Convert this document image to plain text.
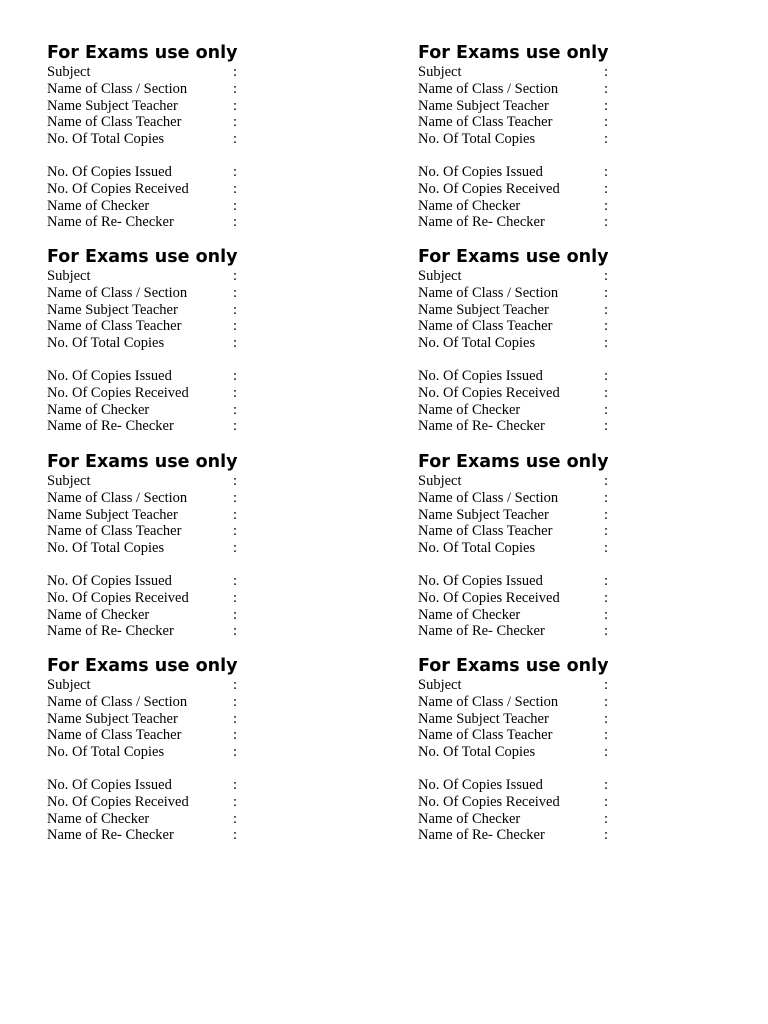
For Exams use only
Subject	:
Name of Class / Section	:
Name Subject Teacher	:
Name of Class Teacher	:
No. Of Total Copies	:
No. Of Copies Issued	:
No. Of Copies Received	:
Name of Checker	:
Name of Re- Checker	:
For Exams use only
Subject	:
Name of Class / Section	:
Name Subject Teacher	:
Name of Class Teacher	:
No. Of Total Copies	:
No. Of Copies Issued	:
No. Of Copies Received	:
Name of Checker	:
Name of Re- Checker	:
For Exams use only
Subject	:
Name of Class / Section	:
Name Subject Teacher	:
Name of Class Teacher	:
No. Of Total Copies	:
No. Of Copies Issued	:
No. Of Copies Received	:
Name of Checker	:
Name of Re- Checker	:
For Exams use only
Subject	:
Name of Class / Section	:
Name Subject Teacher	:
Name of Class Teacher	:
No. Of Total Copies	:
No. Of Copies Issued	:
No. Of Copies Received	:
Name of Checker	:
Name of Re- Checker	:
For Exams use only
Subject	:
Name of Class / Section	:
Name Subject Teacher	:
Name of Class Teacher	:
No. Of Total Copies	:
No. Of Copies Issued	:
No. Of Copies Received	:
Name of Checker	:
Name of Re- Checker	:
For Exams use only
Subject	:
Name of Class / Section	:
Name Subject Teacher	:
Name of Class Teacher	:
No. Of Total Copies	:
No. Of Copies Issued	:
No. Of Copies Received	:
Name of Checker	:
Name of Re- Checker	:
For Exams use only
Subject	:
Name of Class / Section	:
Name Subject Teacher	:
Name of Class Teacher	:
No. Of Total Copies	:
No. Of Copies Issued	:
No. Of Copies Received	:
Name of Checker	:
Name of Re- Checker	:
For Exams use only
Subject	:
Name of Class / Section	:
Name Subject Teacher	:
Name of Class Teacher	:
No. Of Total Copies	:
No. Of Copies Issued	:
No. Of Copies Received	:
Name of Checker	:
Name of Re- Checker	:
